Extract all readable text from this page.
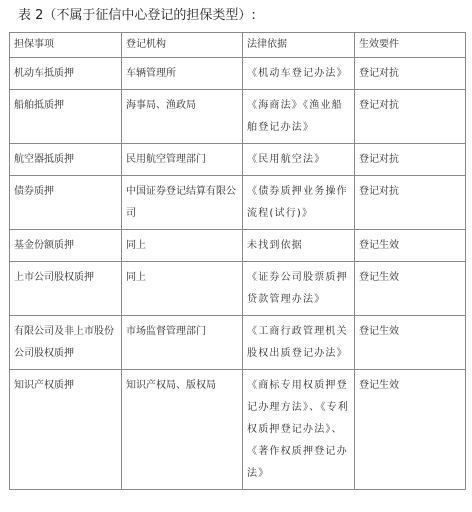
表 2（不属于征信中心登记的担保类型）:
担保事项	登记机构	法律依据	生效要件
机动车抵质押	车辆管理所	《机动车登记办法》	登记对抗
船舶抵质押	海事局、渔政局	《海商法》《渔业船舶登记办法》	登记对抗
航空器抵质押	民用航空管理部门	《民用航空法》	登记对抗
债券质押	中国证券登记结算有限公司	《债券质押业务操作流程(试行)》	登记对抗
基金份额质押	同上	未找到依据	登记生效
上市公司股权质押	同上	《证券公司股票质押贷款管理办法》	登记生效
有限公司及非上市股份公司股权质押	市场监督管理部门	《工商行政管理机关股权出质登记办法》	登记生效
知识产权质押	知识产权局、版权局	《商标专用权质押登记办理方法》、《专利权质押登记办法》、《著作权质押登记办法》	登记生效
